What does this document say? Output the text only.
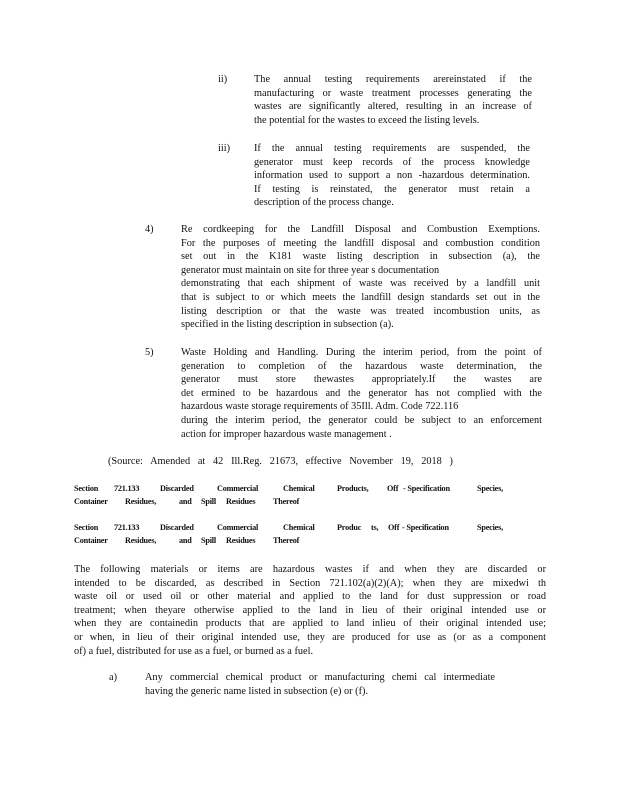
ii)	The annual testing requirements arereinstated if the

manufacturing or waste treatment processes generating the

wastes are significantly altered, resulting in an increase of

the potential for the wastes to exceed the listing levels.

iii) If the annual testing requirements are suspended, the

generator must keep records of the process knowledge

information used to support a non -hazardous determination.

If testing is reinstated, the generator must retain a

description of the process change.

4)	Re cordkeeping for the Landfill Disposal and Combustion Exemptions.

For the purposes of meeting the landfill disposal and combustion condition

set out in the K181 waste listing description in subsection (a), the

generator must maintain on site for three year s documentation

demonstrating that each shipment of waste was received by a landfill unit

that is subject to or which meets the landfill design standards set out in the

listing description or that the waste was treated incombustion units, as

specified in the listing description in subsection (a).

5)	Waste Holding and Handling. During the interim period, from the point of

generation to completion of the hazardous waste determination, the

generator must store thewastes appropriately.If the wastes are

det ermined to be hazardous and the generator has not complied with the

hazardous waste storage requirements of 35Ill. Adm. Code 722.116

during the interim period, the generator could be subject to an enforcement

action for improper hazardous waste management .

(Source: Amended at 42 Ill.Reg. 21673, effective November 19, 2018 )

Section 721.133	Discarded	Commercial	Chemical	Products, Off - Specification	Species,

Container Residues,	and Spill Residues Thereof

Section 721.133	Discarded	Commercial	Chemical	Produc ts, Off - Specification	Species,

Container Residues,	and Spill Residues Thereof

The following materials or items are hazardous wastes if and when they are discarded or

intended to be discarded, as described in Section 721.102(a)(2)(A); when they are mixedwi th

waste oil or used oil or other material and applied to the land for dust suppression or road

treatment; when theyare otherwise applied to the land in lieu of their original intended use or

when they are containedin products that are applied to land inlieu of their original intended use;

or when, in lieu of their original intended use, they are produced for use as (or as a component

of) a fuel, distributed for use as a fuel, or burned as a fuel.

a)	Any commercial chemical product or manufacturing chemi cal intermediate

having the generic name listed in subsection (e) or (f).
